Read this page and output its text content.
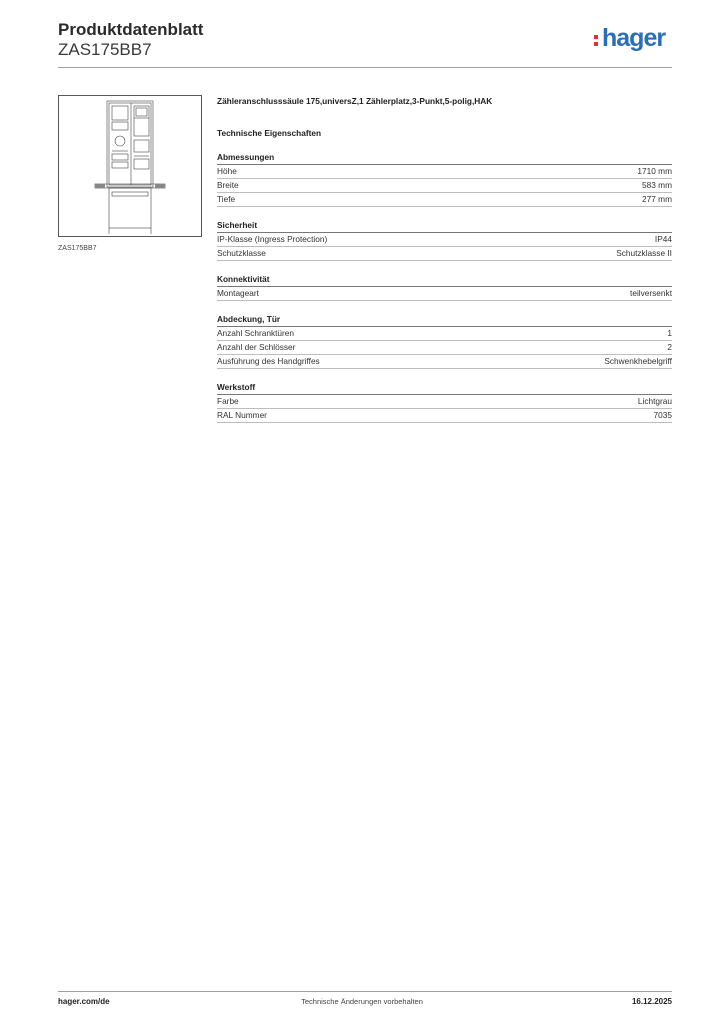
Produktdatenblatt
ZAS175BB7	hager
ZAS175BB7

Zähleranschlusssäule 175,universZ,1 Zählerplatz,3-Punkt,5-polig,HAK

Technische Eigenschaften

Abmessungen
Höhe	1710 mm
Breite	583 mm
Tiefe	277 mm
Sicherheit
IP-Klasse (Ingress Protection)	IP44
Schutzklasse	Schutzklasse II
Konnektivität
Montageart	teilversenkt
Abdeckung, Tür
Anzahl Schranktüren	1
Anzahl der Schlösser	2
Ausführung des Handgriffes	Schwenkhebelgriff
Werkstoff
Farbe	Lichtgrau
RAL Nummer	7035
hager.com/de	Technische Änderungen vorbehalten	16.12.2025
